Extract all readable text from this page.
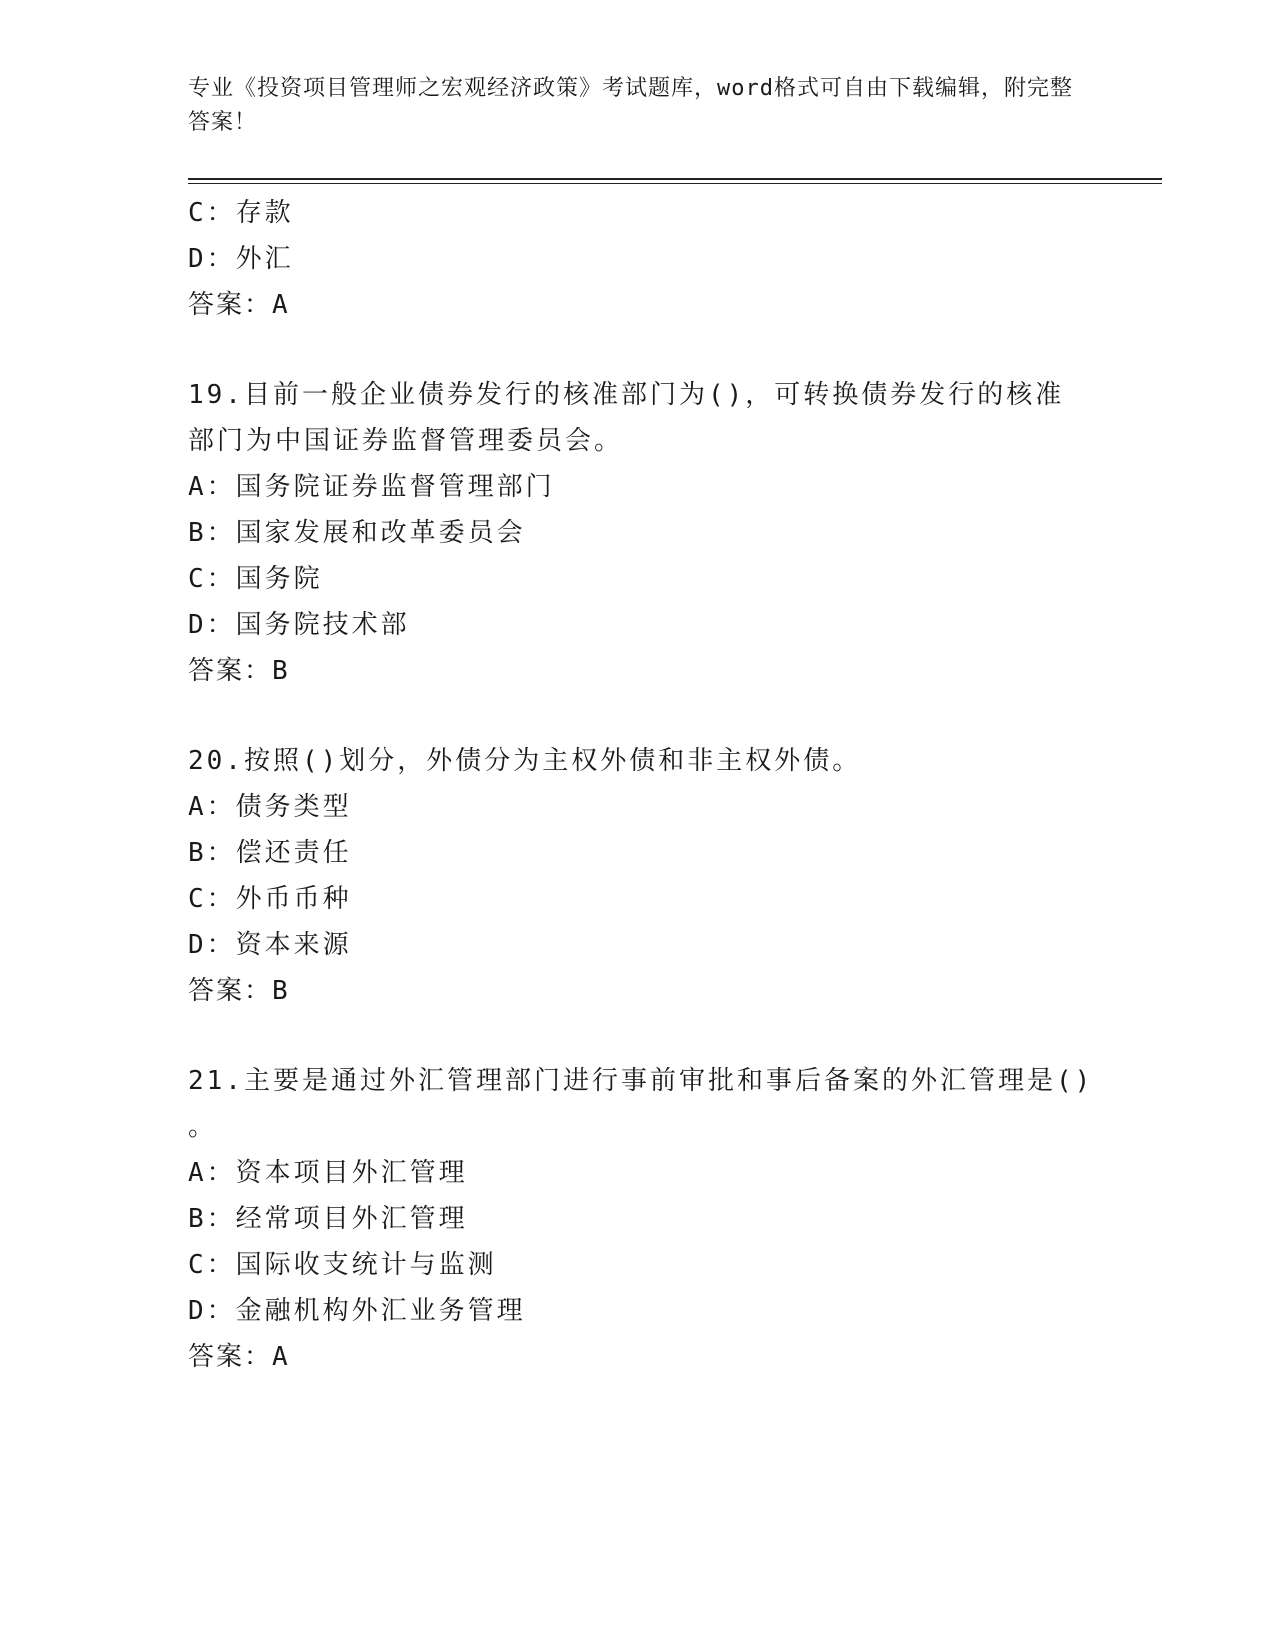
专业《投资项目管理师之宏观经济政策》考试题库，word格式可自由下载编辑，附完整答案！
C：存款
D：外汇
答案：A
19.目前一般企业债券发行的核准部门为()，可转换债券发行的核准部门为中国证券监督管理委员会。
A：国务院证券监督管理部门
B：国家发展和改革委员会
C：国务院
D：国务院技术部
答案：B
20.按照()划分，外债分为主权外债和非主权外债。
A：债务类型
B：偿还责任
C：外币币种
D：资本来源
答案：B
21.主要是通过外汇管理部门进行事前审批和事后备案的外汇管理是()
。
A：资本项目外汇管理
B：经常项目外汇管理
C：国际收支统计与监测
D：金融机构外汇业务管理
答案：A
